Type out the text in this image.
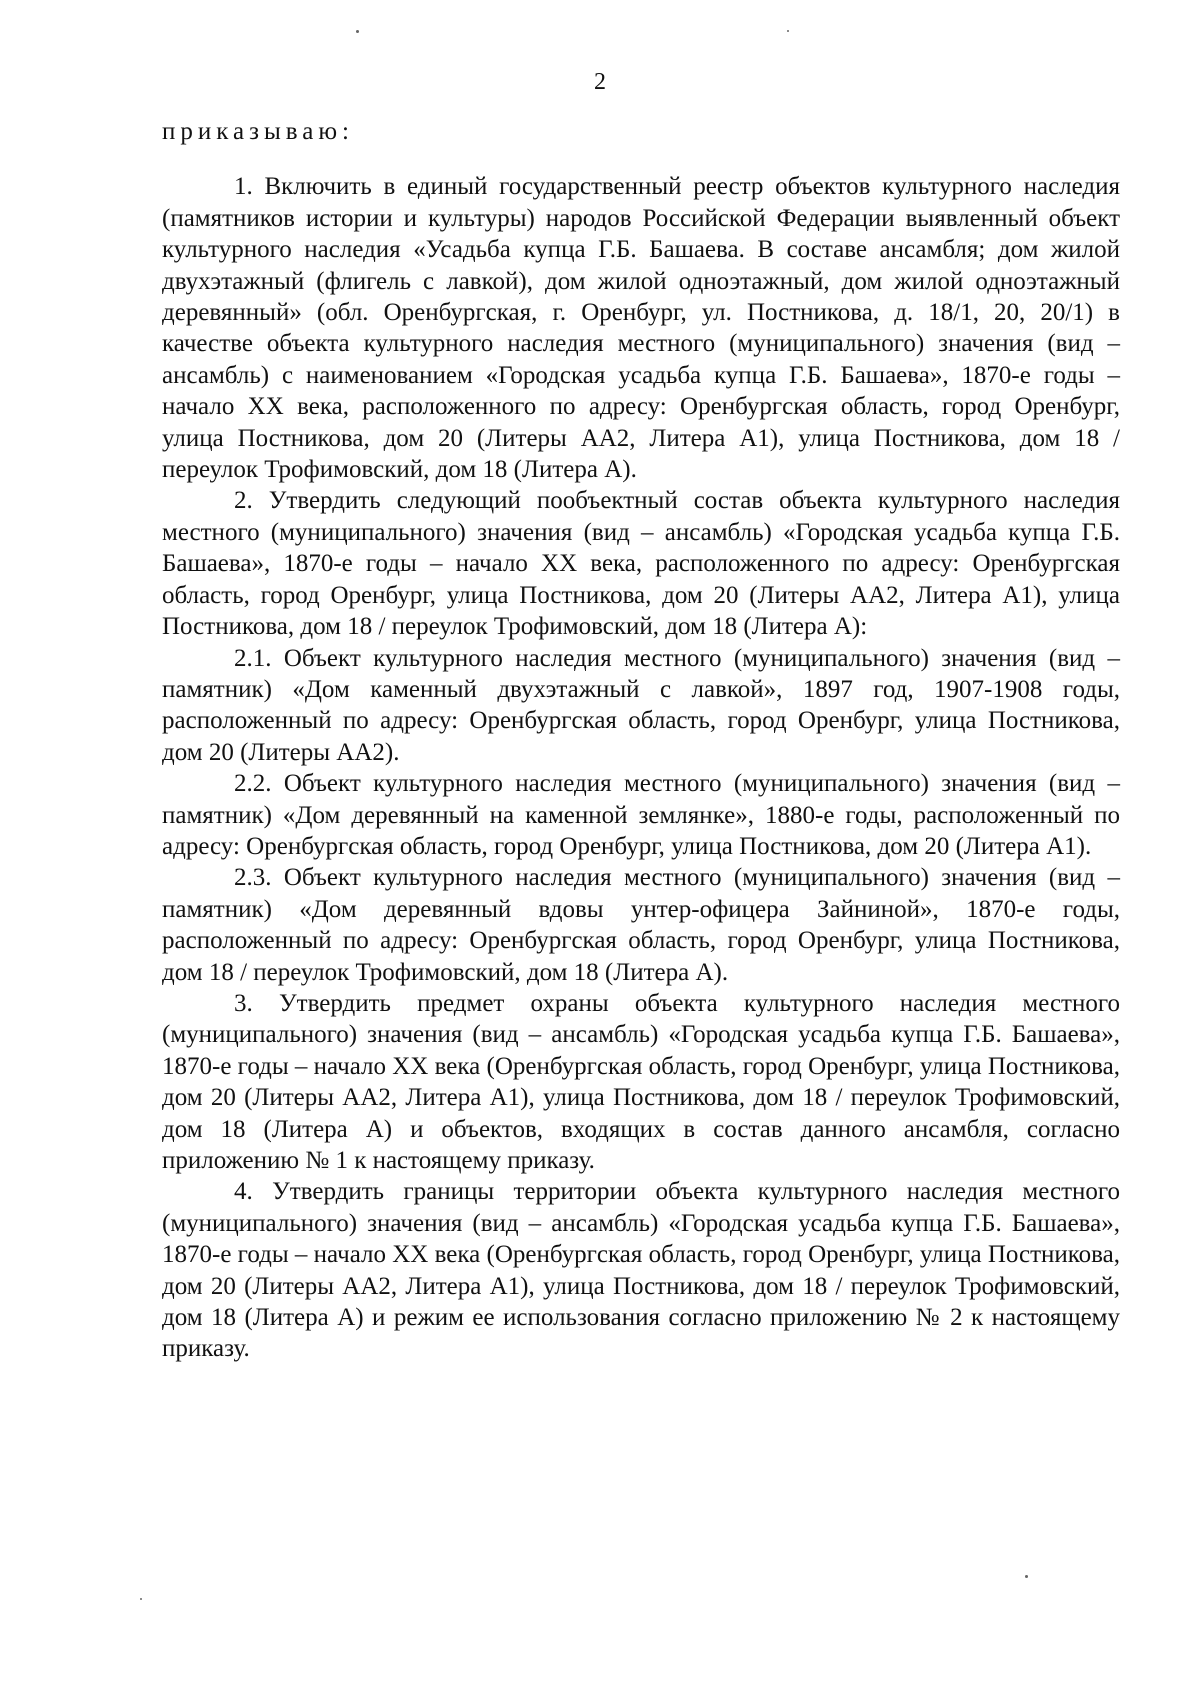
2

приказываю:

1. Включить в единый государственный реестр объектов культурного наследия (памятников истории и культуры) народов Российской Федерации выявленный объект культурного наследия «Усадьба купца Г.Б. Башаева. В составе ансамбля; дом жилой двухэтажный (флигель с лавкой), дом жилой одноэтажный, дом жилой одноэтажный деревянный» (обл. Оренбургская, г. Оренбург, ул. Постникова, д. 18/1, 20, 20/1) в качестве объекта культурного наследия местного (муниципального) значения (вид – ансамбль) с наименованием «Городская усадьба купца Г.Б. Башаева», 1870-е годы – начало XX века, расположенного по адресу: Оренбургская область, город Оренбург, улица Постникова, дом 20 (Литеры АА2, Литера А1), улица Постникова, дом 18 / переулок Трофимовский, дом 18 (Литера А).

2. Утвердить следующий пообъектный состав объекта культурного наследия местного (муниципального) значения (вид – ансамбль) «Городская усадьба купца Г.Б. Башаева», 1870-е годы – начало XX века, расположенного по адресу: Оренбургская область, город Оренбург, улица Постникова, дом 20 (Литеры АА2, Литера А1), улица Постникова, дом 18 / переулок Трофимовский, дом 18 (Литера А):

2.1. Объект культурного наследия местного (муниципального) значения (вид – памятник) «Дом каменный двухэтажный с лавкой», 1897 год, 1907-1908 годы, расположенный по адресу: Оренбургская область, город Оренбург, улица Постникова, дом 20 (Литеры АА2).

2.2. Объект культурного наследия местного (муниципального) значения (вид – памятник) «Дом деревянный на каменной землянке», 1880-е годы, расположенный по адресу: Оренбургская область, город Оренбург, улица Постникова, дом 20 (Литера А1).

2.3. Объект культурного наследия местного (муниципального) значения (вид – памятник) «Дом деревянный вдовы унтер-офицера Зайниной», 1870-е годы, расположенный по адресу: Оренбургская область, город Оренбург, улица Постникова, дом 18 / переулок Трофимовский, дом 18 (Литера А).

3. Утвердить предмет охраны объекта культурного наследия местного (муниципального) значения (вид – ансамбль) «Городская усадьба купца Г.Б. Башаева», 1870-е годы – начало XX века (Оренбургская область, город Оренбург, улица Постникова, дом 20 (Литеры АА2, Литера А1), улица Постникова, дом 18 / переулок Трофимовский, дом 18 (Литера А) и объектов, входящих в состав данного ансамбля, согласно приложению № 1 к настоящему приказу.

4. Утвердить границы территории объекта культурного наследия местного (муниципального) значения (вид – ансамбль) «Городская усадьба купца Г.Б. Башаева», 1870-е годы – начало XX века (Оренбургская область, город Оренбург, улица Постникова, дом 20 (Литеры АА2, Литера А1), улица Постникова, дом 18 / переулок Трофимовский, дом 18 (Литера А) и режим ее использования согласно приложению № 2 к настоящему приказу.
